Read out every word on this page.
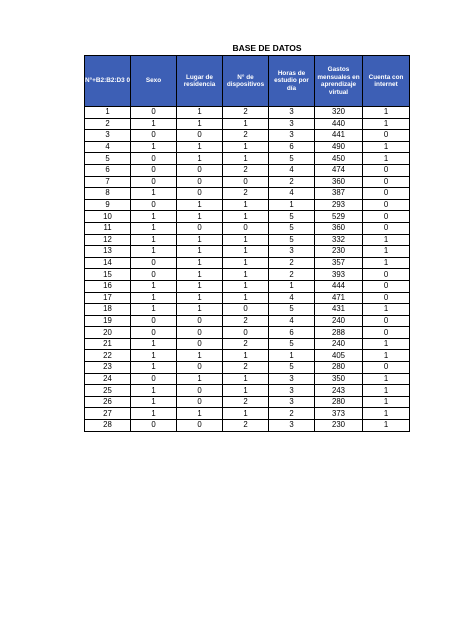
BASE DE DATOS
N°+B2:B2:D3 0	Sexo	Lugar de residencia	N° de dispositivos	Horas de estudio por día	Gastos mensuales en aprendizaje virtual	Cuenta con internet
1	0	1	2	3	320	1
2	1	1	1	3	440	1
3	0	0	2	3	441	0
4	1	1	1	6	490	1
5	0	1	1	5	450	1
6	0	0	2	4	474	0
7	0	0	0	2	360	0
8	1	0	2	4	387	0
9	0	1	1	1	293	0
10	1	1	1	5	529	0
11	1	0	0	5	360	0
12	1	1	1	5	332	1
13	1	1	1	3	230	1
14	0	1	1	2	357	1
15	0	1	1	2	393	0
16	1	1	1	1	444	0
17	1	1	1	4	471	0
18	1	1	0	5	431	1
19	0	0	2	4	240	0
20	0	0	0	6	288	0
21	1	0	2	5	240	1
22	1	1	1	1	405	1
23	1	0	2	5	280	0
24	0	1	1	3	350	1
25	1	0	1	3	243	1
26	1	0	2	3	280	1
27	1	1	1	2	373	1
28	0	0	2	3	230	1
